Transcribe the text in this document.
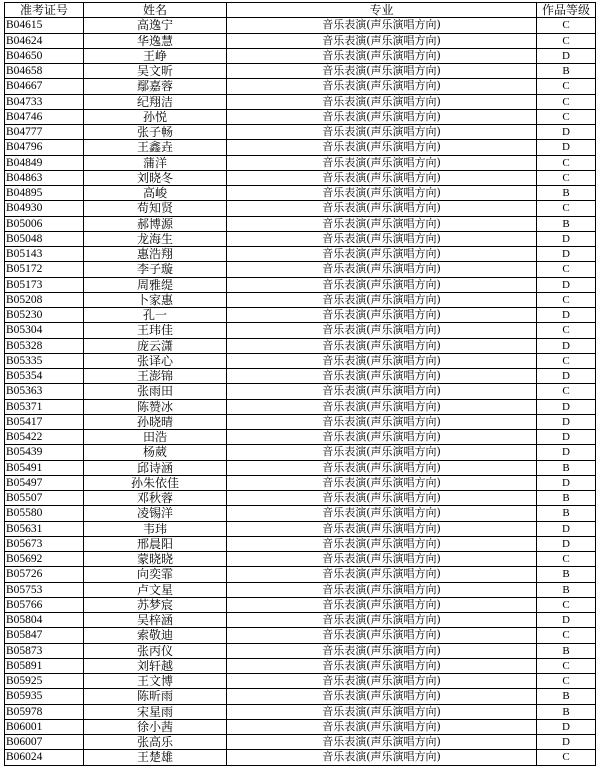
准考证号	姓名	专业	作品等级
B04615	高逸宁	音乐表演(声乐演唱方向)	C
B04624	华逸慧	音乐表演(声乐演唱方向)	C
B04650	王峥	音乐表演(声乐演唱方向)	D
B04658	吴文昕	音乐表演(声乐演唱方向)	B
B04667	鄢嘉蓉	音乐表演(声乐演唱方向)	C
B04733	纪翔洁	音乐表演(声乐演唱方向)	C
B04746	孙悦	音乐表演(声乐演唱方向)	C
B04777	张子畅	音乐表演(声乐演唱方向)	D
B04796	王鑫垚	音乐表演(声乐演唱方向)	D
B04849	蒲洋	音乐表演(声乐演唱方向)	C
B04863	刘晓冬	音乐表演(声乐演唱方向)	C
B04895	高峻	音乐表演(声乐演唱方向)	B
B04930	苟知贤	音乐表演(声乐演唱方向)	C
B05006	郝博源	音乐表演(声乐演唱方向)	B
B05048	龙海生	音乐表演(声乐演唱方向)	D
B05143	惠浩翔	音乐表演(声乐演唱方向)	D
B05172	李子璇	音乐表演(声乐演唱方向)	C
B05173	周雅缇	音乐表演(声乐演唱方向)	D
B05208	卜家惠	音乐表演(声乐演唱方向)	C
B05230	孔一	音乐表演(声乐演唱方向)	D
B05304	王玮佳	音乐表演(声乐演唱方向)	C
B05328	庞云潇	音乐表演(声乐演唱方向)	D
B05335	张译心	音乐表演(声乐演唱方向)	C
B05354	王澎锦	音乐表演(声乐演唱方向)	D
B05363	张雨田	音乐表演(声乐演唱方向)	C
B05371	陈赞冰	音乐表演(声乐演唱方向)	D
B05417	孙晓晴	音乐表演(声乐演唱方向)	D
B05422	田浩	音乐表演(声乐演唱方向)	D
B05439	杨葳	音乐表演(声乐演唱方向)	D
B05491	邱诗涵	音乐表演(声乐演唱方向)	B
B05497	孙朱依佳	音乐表演(声乐演唱方向)	D
B05507	邓秋蓉	音乐表演(声乐演唱方向)	B
B05580	凌锡洋	音乐表演(声乐演唱方向)	B
B05631	韦玮	音乐表演(声乐演唱方向)	D
B05673	邢晨阳	音乐表演(声乐演唱方向)	D
B05692	蒙晓晓	音乐表演(声乐演唱方向)	C
B05726	向奕霏	音乐表演(声乐演唱方向)	B
B05753	卢文星	音乐表演(声乐演唱方向)	B
B05766	苏梦宸	音乐表演(声乐演唱方向)	C
B05804	吴梓涵	音乐表演(声乐演唱方向)	D
B05847	索敬迪	音乐表演(声乐演唱方向)	C
B05873	张丙仪	音乐表演(声乐演唱方向)	B
B05891	刘轩越	音乐表演(声乐演唱方向)	C
B05925	王文博	音乐表演(声乐演唱方向)	C
B05935	陈昕雨	音乐表演(声乐演唱方向)	B
B05978	宋星雨	音乐表演(声乐演唱方向)	B
B06001	徐小茜	音乐表演(声乐演唱方向)	D
B06007	张高乐	音乐表演(声乐演唱方向)	D
B06024	王楚雄	音乐表演(声乐演唱方向)	C
